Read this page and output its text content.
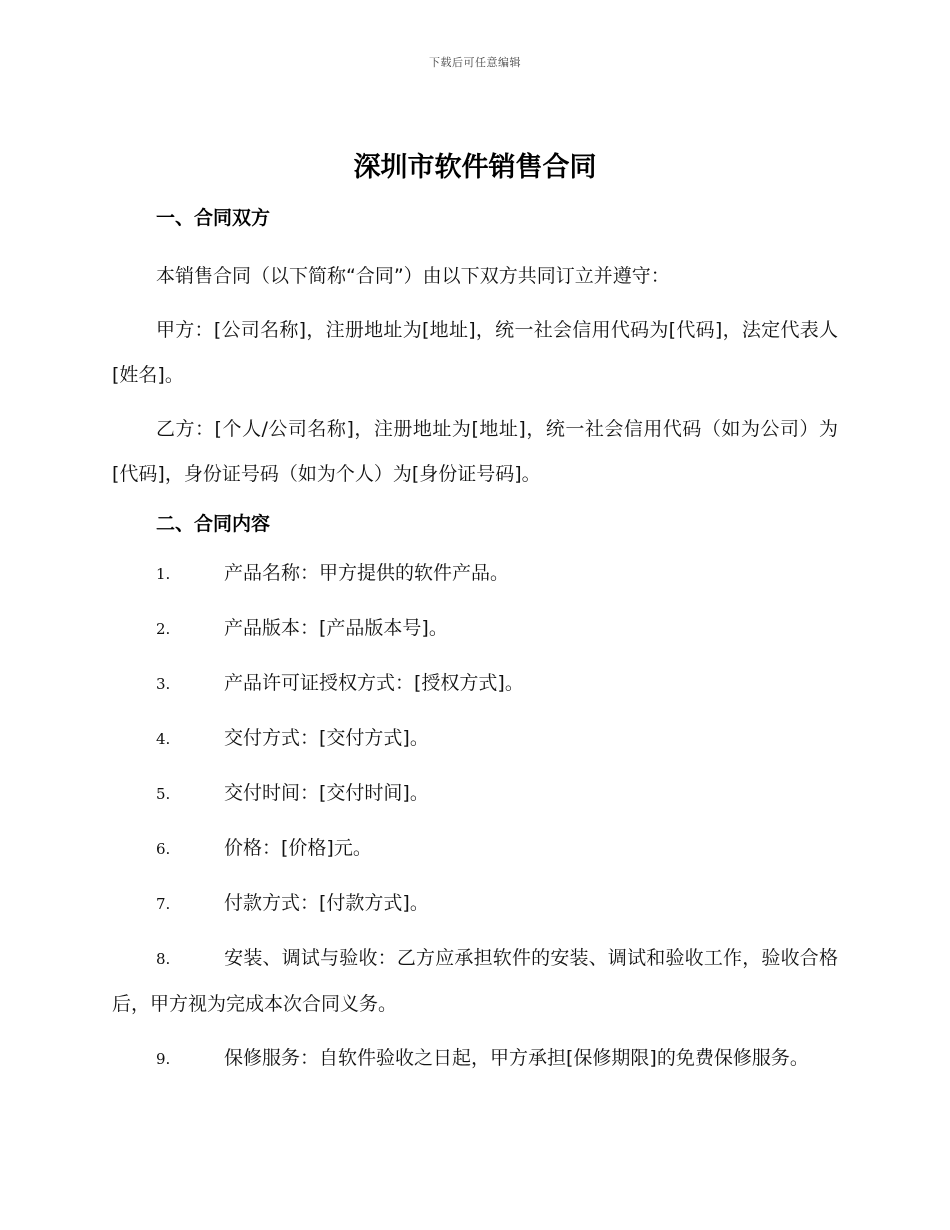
下载后可任意编辑
深圳市软件销售合同
一、合同双方

本销售合同（以下简称“合同”）由以下双方共同订立并遵守：

甲方：[公司名称]，注册地址为[地址]，统一社会信用代码为[代码]，法定代表人[姓名]。

乙方：[个人/公司名称]，注册地址为[地址]，统一社会信用代码（如为公司）为[代码]，身份证号码（如为个人）为[身份证号码]。

二、合同内容

1.	产品名称：甲方提供的软件产品。

2.	产品版本：[产品版本号]。

3.	产品许可证授权方式：[授权方式]。

4.	交付方式：[交付方式]。

5.	交付时间：[交付时间]。

6.	价格：[价格]元。

7.	付款方式：[付款方式]。

8.	安装、调试与验收：乙方应承担软件的安装、调试和验收工作，验收合格后，甲方视为完成本次合同义务。

9.	保修服务：自软件验收之日起，甲方承担[保修期限]的免费保修服务。
